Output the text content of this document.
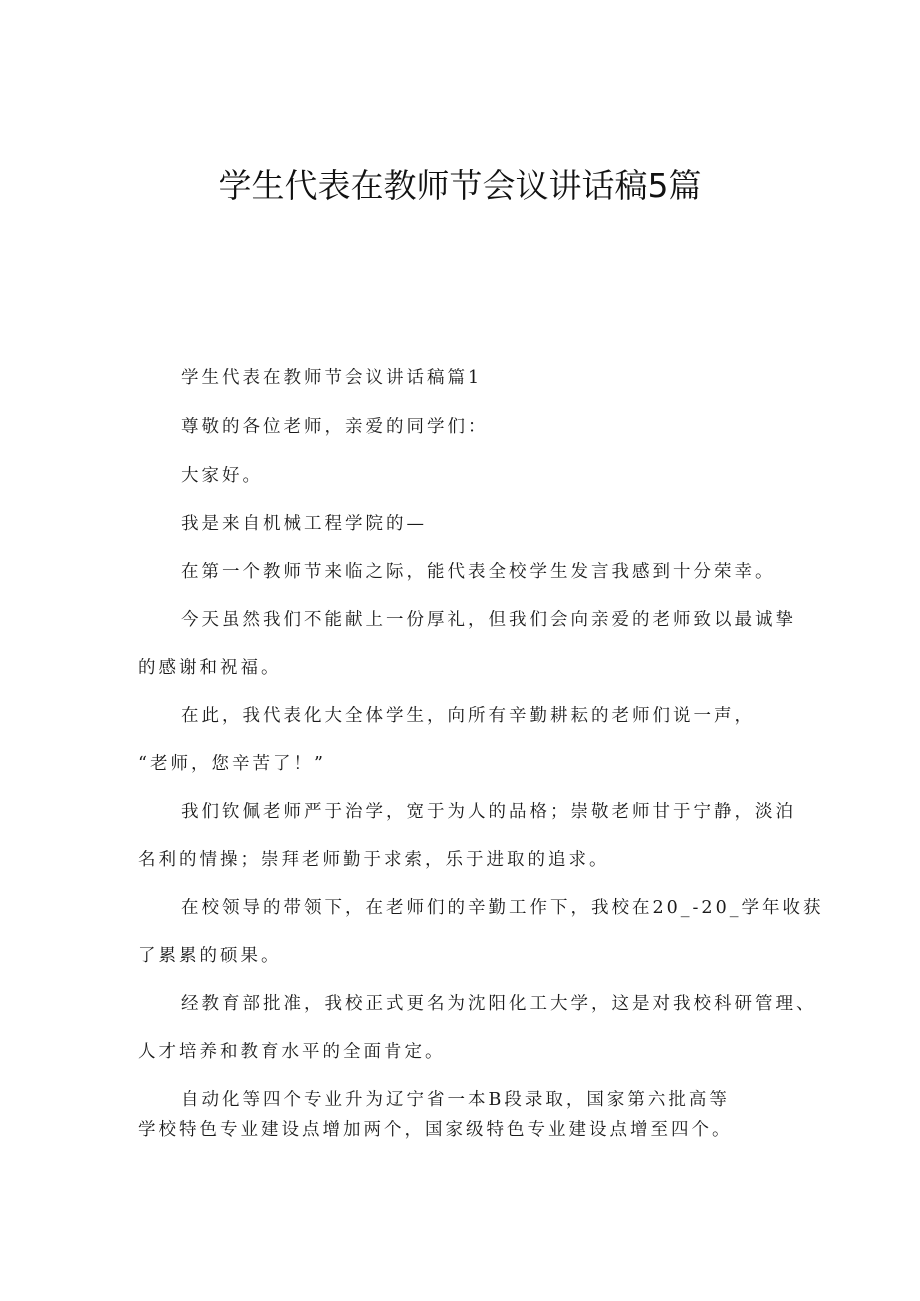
学生代表在教师节会议讲话稿5篇

学生代表在教师节会议讲话稿篇1

尊敬的各位老师，亲爱的同学们：

大家好。

我是来自机械工程学院的—

在第一个教师节来临之际，能代表全校学生发言我感到十分荣幸。

今天虽然我们不能献上一份厚礼，但我们会向亲爱的老师致以最诚挚

的感谢和祝福。

在此，我代表化大全体学生，向所有辛勤耕耘的老师们说一声，

“老师，您辛苦了！”

我们钦佩老师严于治学，宽于为人的品格；崇敬老师甘于宁静，淡泊

名利的情操；崇拜老师勤于求索，乐于进取的追求。

在校领导的带领下，在老师们的辛勤工作下，我校在20_-20_学年收获

了累累的硕果。

经教育部批准，我校正式更名为沈阳化工大学，这是对我校科研管理、

人才培养和教育水平的全面肯定。

自动化等四个专业升为辽宁省一本B段录取，国家第六批高等

学校特色专业建设点增加两个，国家级特色专业建设点增至四个。
